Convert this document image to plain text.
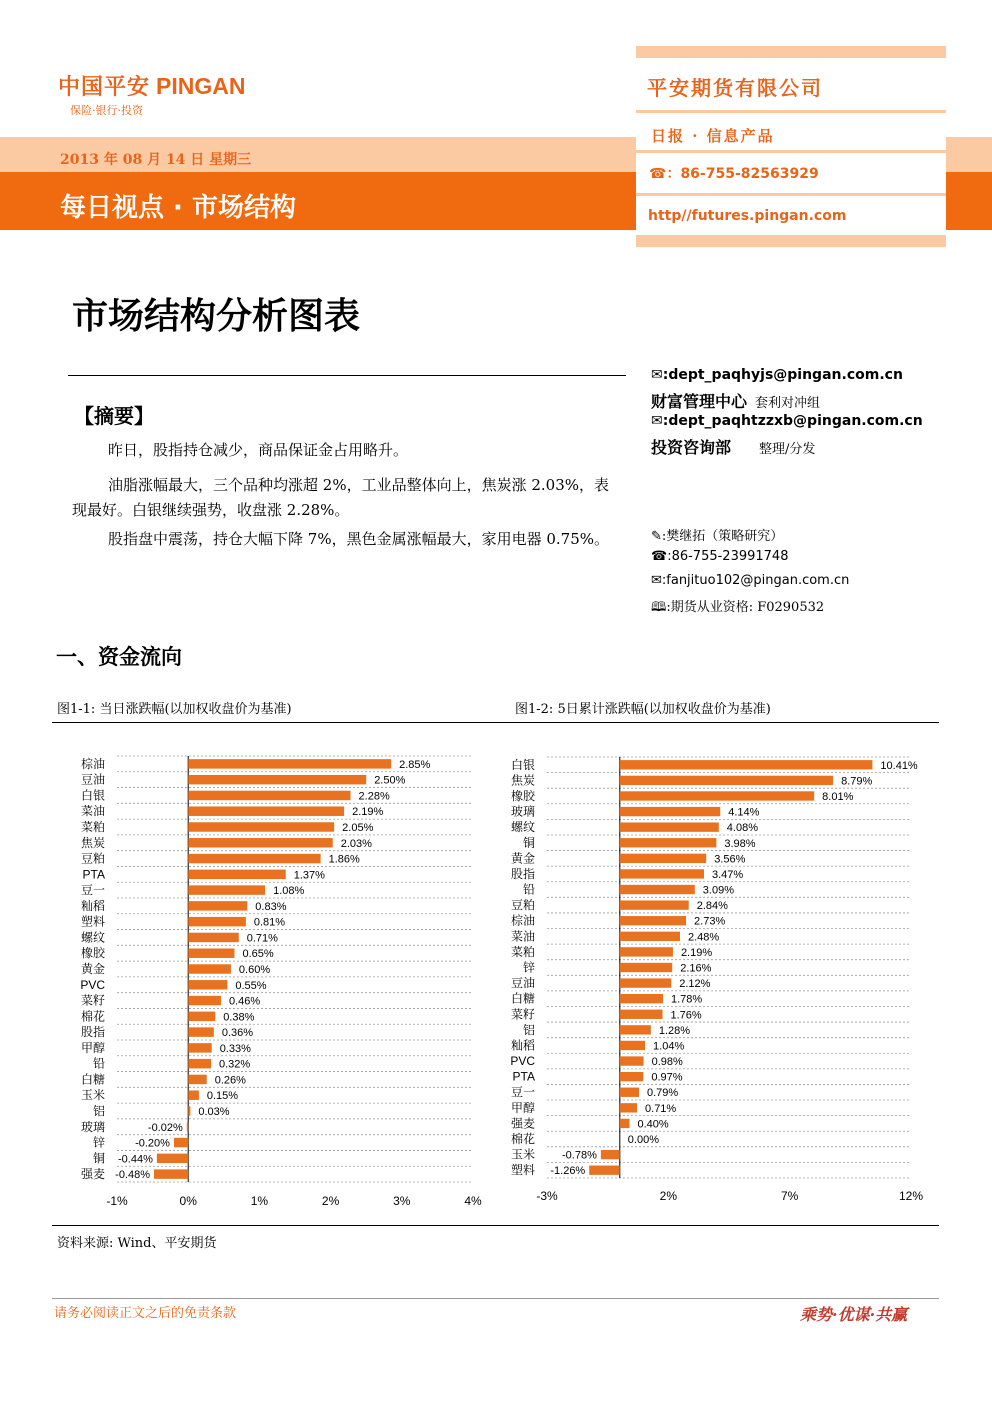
中国平安 PINGAN
保险·银行·投资
2013 年 08 月 14 日 星期三
每日视点 · 市场结构
平安期货有限公司
日报 · 信息产品
☎：86-755-82563929
http//futures.pingan.com
市场结构分析图表
【摘要】
昨日，股指持仓减少，商品保证金占用略升。
油脂涨幅最大，三个品种均涨超 2%，工业品整体向上，焦炭涨 2.03%，表现最好。白银继续强势，收盘涨 2.28%。
股指盘中震荡，持仓大幅下降 7%，黑色金属涨幅最大，家用电器 0.75%。
✉:dept_paqhyjs@pingan.com.cn
财富管理中心 套利对冲组
✉:dept_paqhtzzxb@pingan.com.cn
投资咨询部 整理/分发
✎:樊继拓（策略研究）
☎:86-755-23991748
✉:fanjituo102@pingan.com.cn
🕮:期货从业资格: F0290532
一、资金流向
图1-1: 当日涨跌幅(以加权收盘价为基准)	图1-2: 5日累计涨跌幅(以加权收盘价为基准)
棕油	2.85%
豆油	2.50%
白银	2.28%
菜油	2.19%
菜粕	2.05%
焦炭	2.03%
豆粕	1.86%
PTA	1.37%
豆一	1.08%
籼稻	0.83%
塑料	0.81%
螺纹	0.71%
橡胶	0.65%
黄金	0.60%
PVC	0.55%
菜籽	0.46%
棉花	0.38%
股指	0.36%
甲醇	0.33%
铅	0.32%
白糖	0.26%
玉米	0.15%
铝	0.03%
玻璃	-0.02%
锌	-0.20%
铜 -0.44%
强麦 -0.48%
-1%	0%	1%	2%	3%	4%
白银	10.41%
焦炭	8.79%
橡胶	8.01%
玻璃	4.14%
螺纹	4.08%
铜	3.98%
黄金	3.56%
股指	3.47%
铅	3.09%
豆粕	2.84%
棕油	2.73%
菜油	2.48%
菜粕	2.19%
锌	2.16%
豆油	2.12%
白糖	1.78%
菜籽	1.76%
铝	1.28%
籼稻	1.04%
PVC	0.98%
PTA	0.97%
豆一	0.79%
甲醇	0.71%
强麦	0.40%
棉花	0.00%
玉米 -0.78%
塑料 -1.26%
-3%	2%	7%	12%
资料来源: Wind、平安期货
请务必阅读正文之后的免责条款	乘势·优谋·共赢
